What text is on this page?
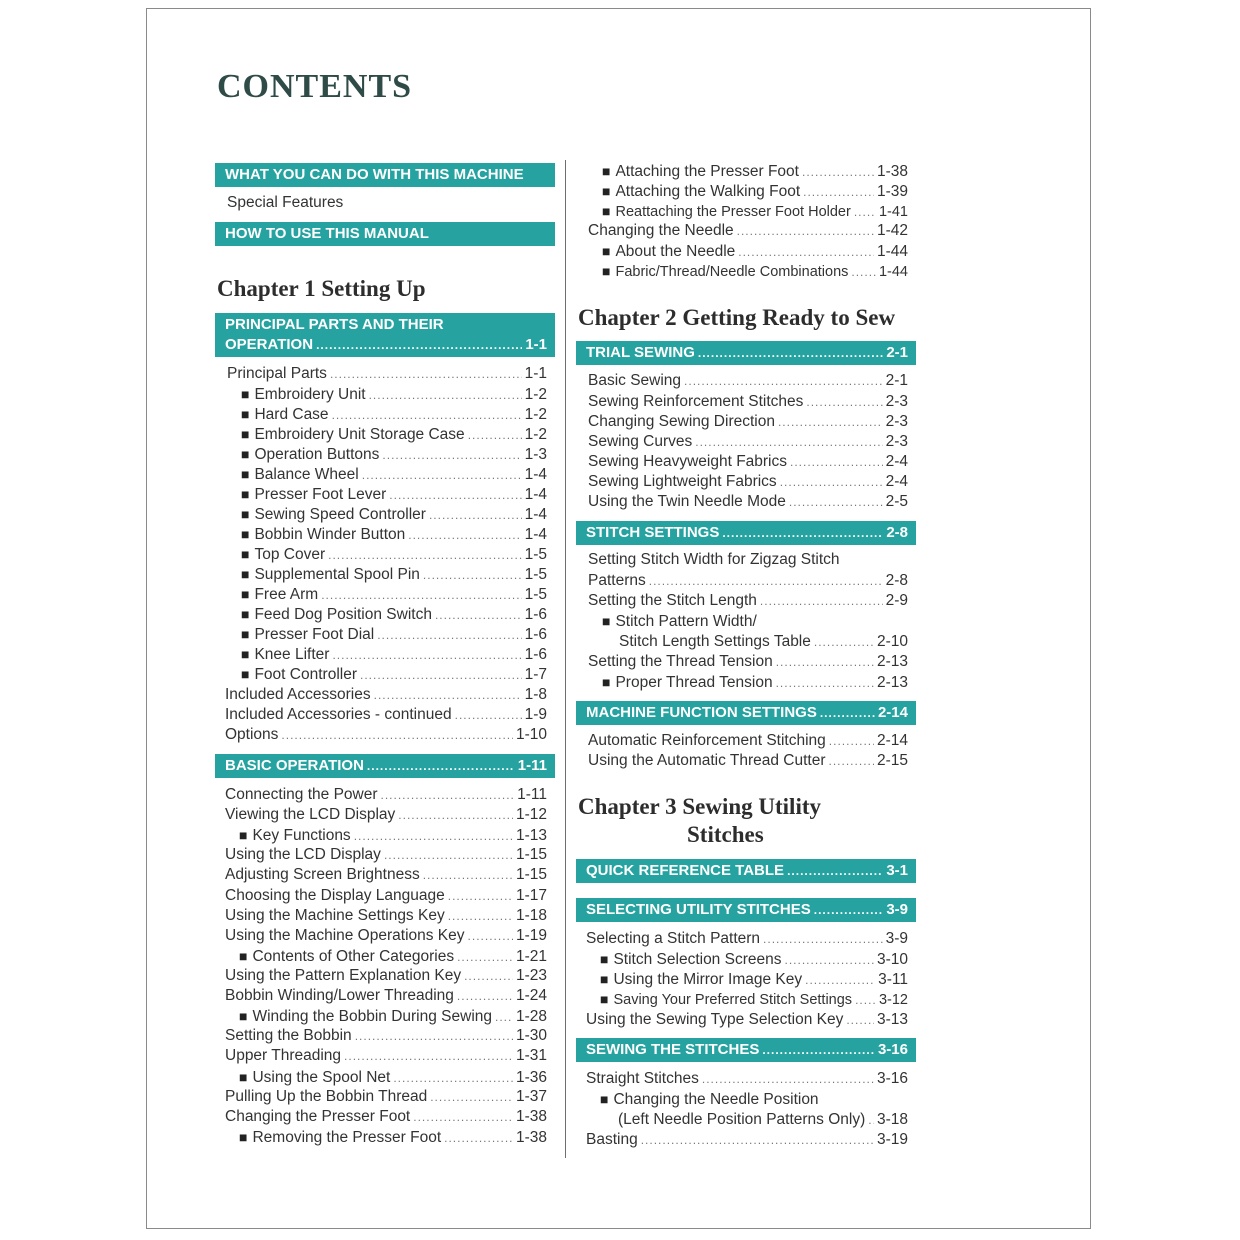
CONTENTS
WHAT YOU CAN DO WITH THIS MACHINE
Special Features
HOW TO USE THIS MANUAL
Chapter 1 Setting Up
PRINCIPAL PARTS AND THEIR
OPERATION .....	1-1
Principal Parts .....	1-1
■ Embroidery Unit .....	1-2
■ Hard Case .....	1-2
■ Embroidery Unit Storage Case .....	1-2
■ Operation Buttons .....	1-3
■ Balance Wheel .....	1-4
■ Presser Foot Lever .....	1-4
■ Sewing Speed Controller .....	1-4
■ Bobbin Winder Button .....	1-4
■ Top Cover .....	1-5
■ Supplemental Spool Pin .....	1-5
■ Free Arm .....	1-5
■ Feed Dog Position Switch .....	1-6
■ Presser Foot Dial .....	1-6
■ Knee Lifter .....	1-6
■ Foot Controller .....	1-7
Included Accessories .....	1-8
Included Accessories - continued .....	1-9
Options .....	1-10
BASIC OPERATION .....	1-11
Connecting the Power .....	1-11
Viewing the LCD Display .....	1-12
■ Key Functions .....	1-13
Using the LCD Display .....	1-15
Adjusting Screen Brightness .....	1-15
Choosing the Display Language .....	1-17
Using the Machine Settings Key .....	1-18
Using the Machine Operations Key .....	1-19
■ Contents of Other Categories .....	1-21
Using the Pattern Explanation Key .....	1-23
Bobbin Winding/Lower Threading .....	1-24
■ Winding the Bobbin During Sewing ..... 1-28
Setting the Bobbin .....	1-30
Upper Threading .....	1-31
■ Using the Spool Net .....	1-36
Pulling Up the Bobbin Thread .....	1-37
Changing the Presser Foot .....	1-38
■ Removing the Presser Foot .....	1-38
■ Attaching the Presser Foot .....	1-38
■ Attaching the Walking Foot .....	1-39
■ Reattaching the Presser Foot Holder ..... 1-41
Changing the Needle .....	1-42
■ About the Needle .....	1-44
■ Fabric/Thread/Needle Combinations ..... 1-44
Chapter 2 Getting Ready to Sew
TRIAL SEWING .....	2-1
Basic Sewing .....	2-1
Sewing Reinforcement Stitches .....	2-3
Changing Sewing Direction .....	2-3
Sewing Curves .....	2-3
Sewing Heavyweight Fabrics .....	2-4
Sewing Lightweight Fabrics .....	2-4
Using the Twin Needle Mode .....	2-5
STITCH SETTINGS .....	2-8
Setting Stitch Width for Zigzag Stitch
Patterns .....	2-8
Setting the Stitch Length .....	2-9
■ Stitch Pattern Width/
Stitch Length Settings Table .....	2-10
Setting the Thread Tension .....	2-13
■ Proper Thread Tension .....	2-13
MACHINE FUNCTION SETTINGS .....	2-14
Automatic Reinforcement Stitching .....	2-14
Using the Automatic Thread Cutter .....	2-15
Chapter 3 Sewing Utility
Stitches
QUICK REFERENCE TABLE .....	3-1
SELECTING UTILITY STITCHES .....	3-9
Selecting a Stitch Pattern .....	3-9
■ Stitch Selection Screens .....	3-10
■ Using the Mirror Image Key .....	3-11
■ Saving Your Preferred Stitch Settings ..... 3-12
Using the Sewing Type Selection Key ..... 3-13
SEWING THE STITCHES .....	3-16
Straight Stitches .....	3-16
■ Changing the Needle Position
(Left Needle Position Patterns Only) ..... 3-18
Basting .....	3-19
